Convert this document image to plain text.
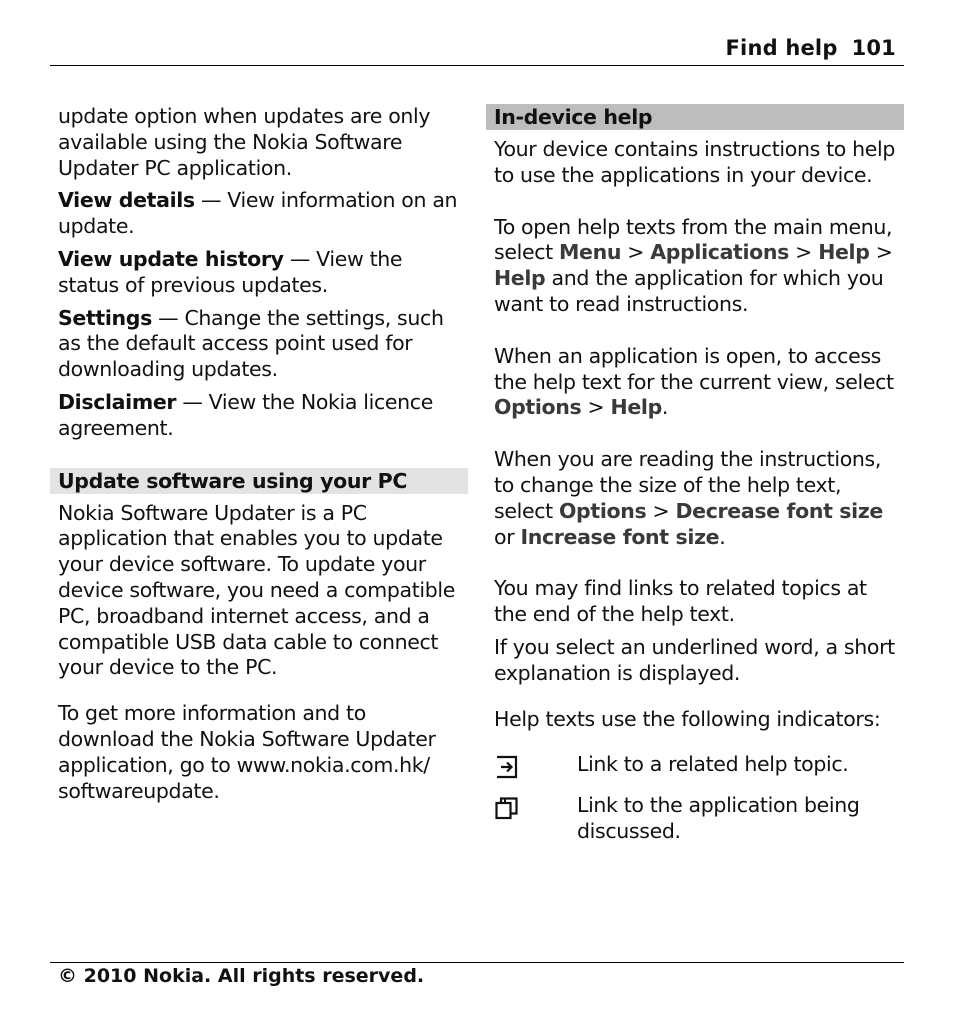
Find help 101

update option when updates are only available using the Nokia Software Updater PC application.

View details — View information on an update.

View update history — View the status of previous updates.

Settings — Change the settings, such as the default access point used for downloading updates.

Disclaimer — View the Nokia licence agreement.

Update software using your PC

Nokia Software Updater is a PC application that enables you to update your device software. To update your device software, you need a compatible PC, broadband internet access, and a compatible USB data cable to connect your device to the PC.

To get more information and to download the Nokia Software Updater application, go to www.nokia.com.hk/ softwareupdate.

In-device help

Your device contains instructions to help to use the applications in your device.

To open help texts from the main menu, select Menu > Applications > Help > Help and the application for which you want to read instructions.

When an application is open, to access the help text for the current view, select Options > Help.

When you are reading the instructions, to change the size of the help text, select Options > Decrease font size or Increase font size.

You may find links to related topics at the end of the help text.

If you select an underlined word, a short explanation is displayed.

Help texts use the following indicators:

Link to a related help topic.
Link to the application being discussed.
© 2010 Nokia. All rights reserved.
